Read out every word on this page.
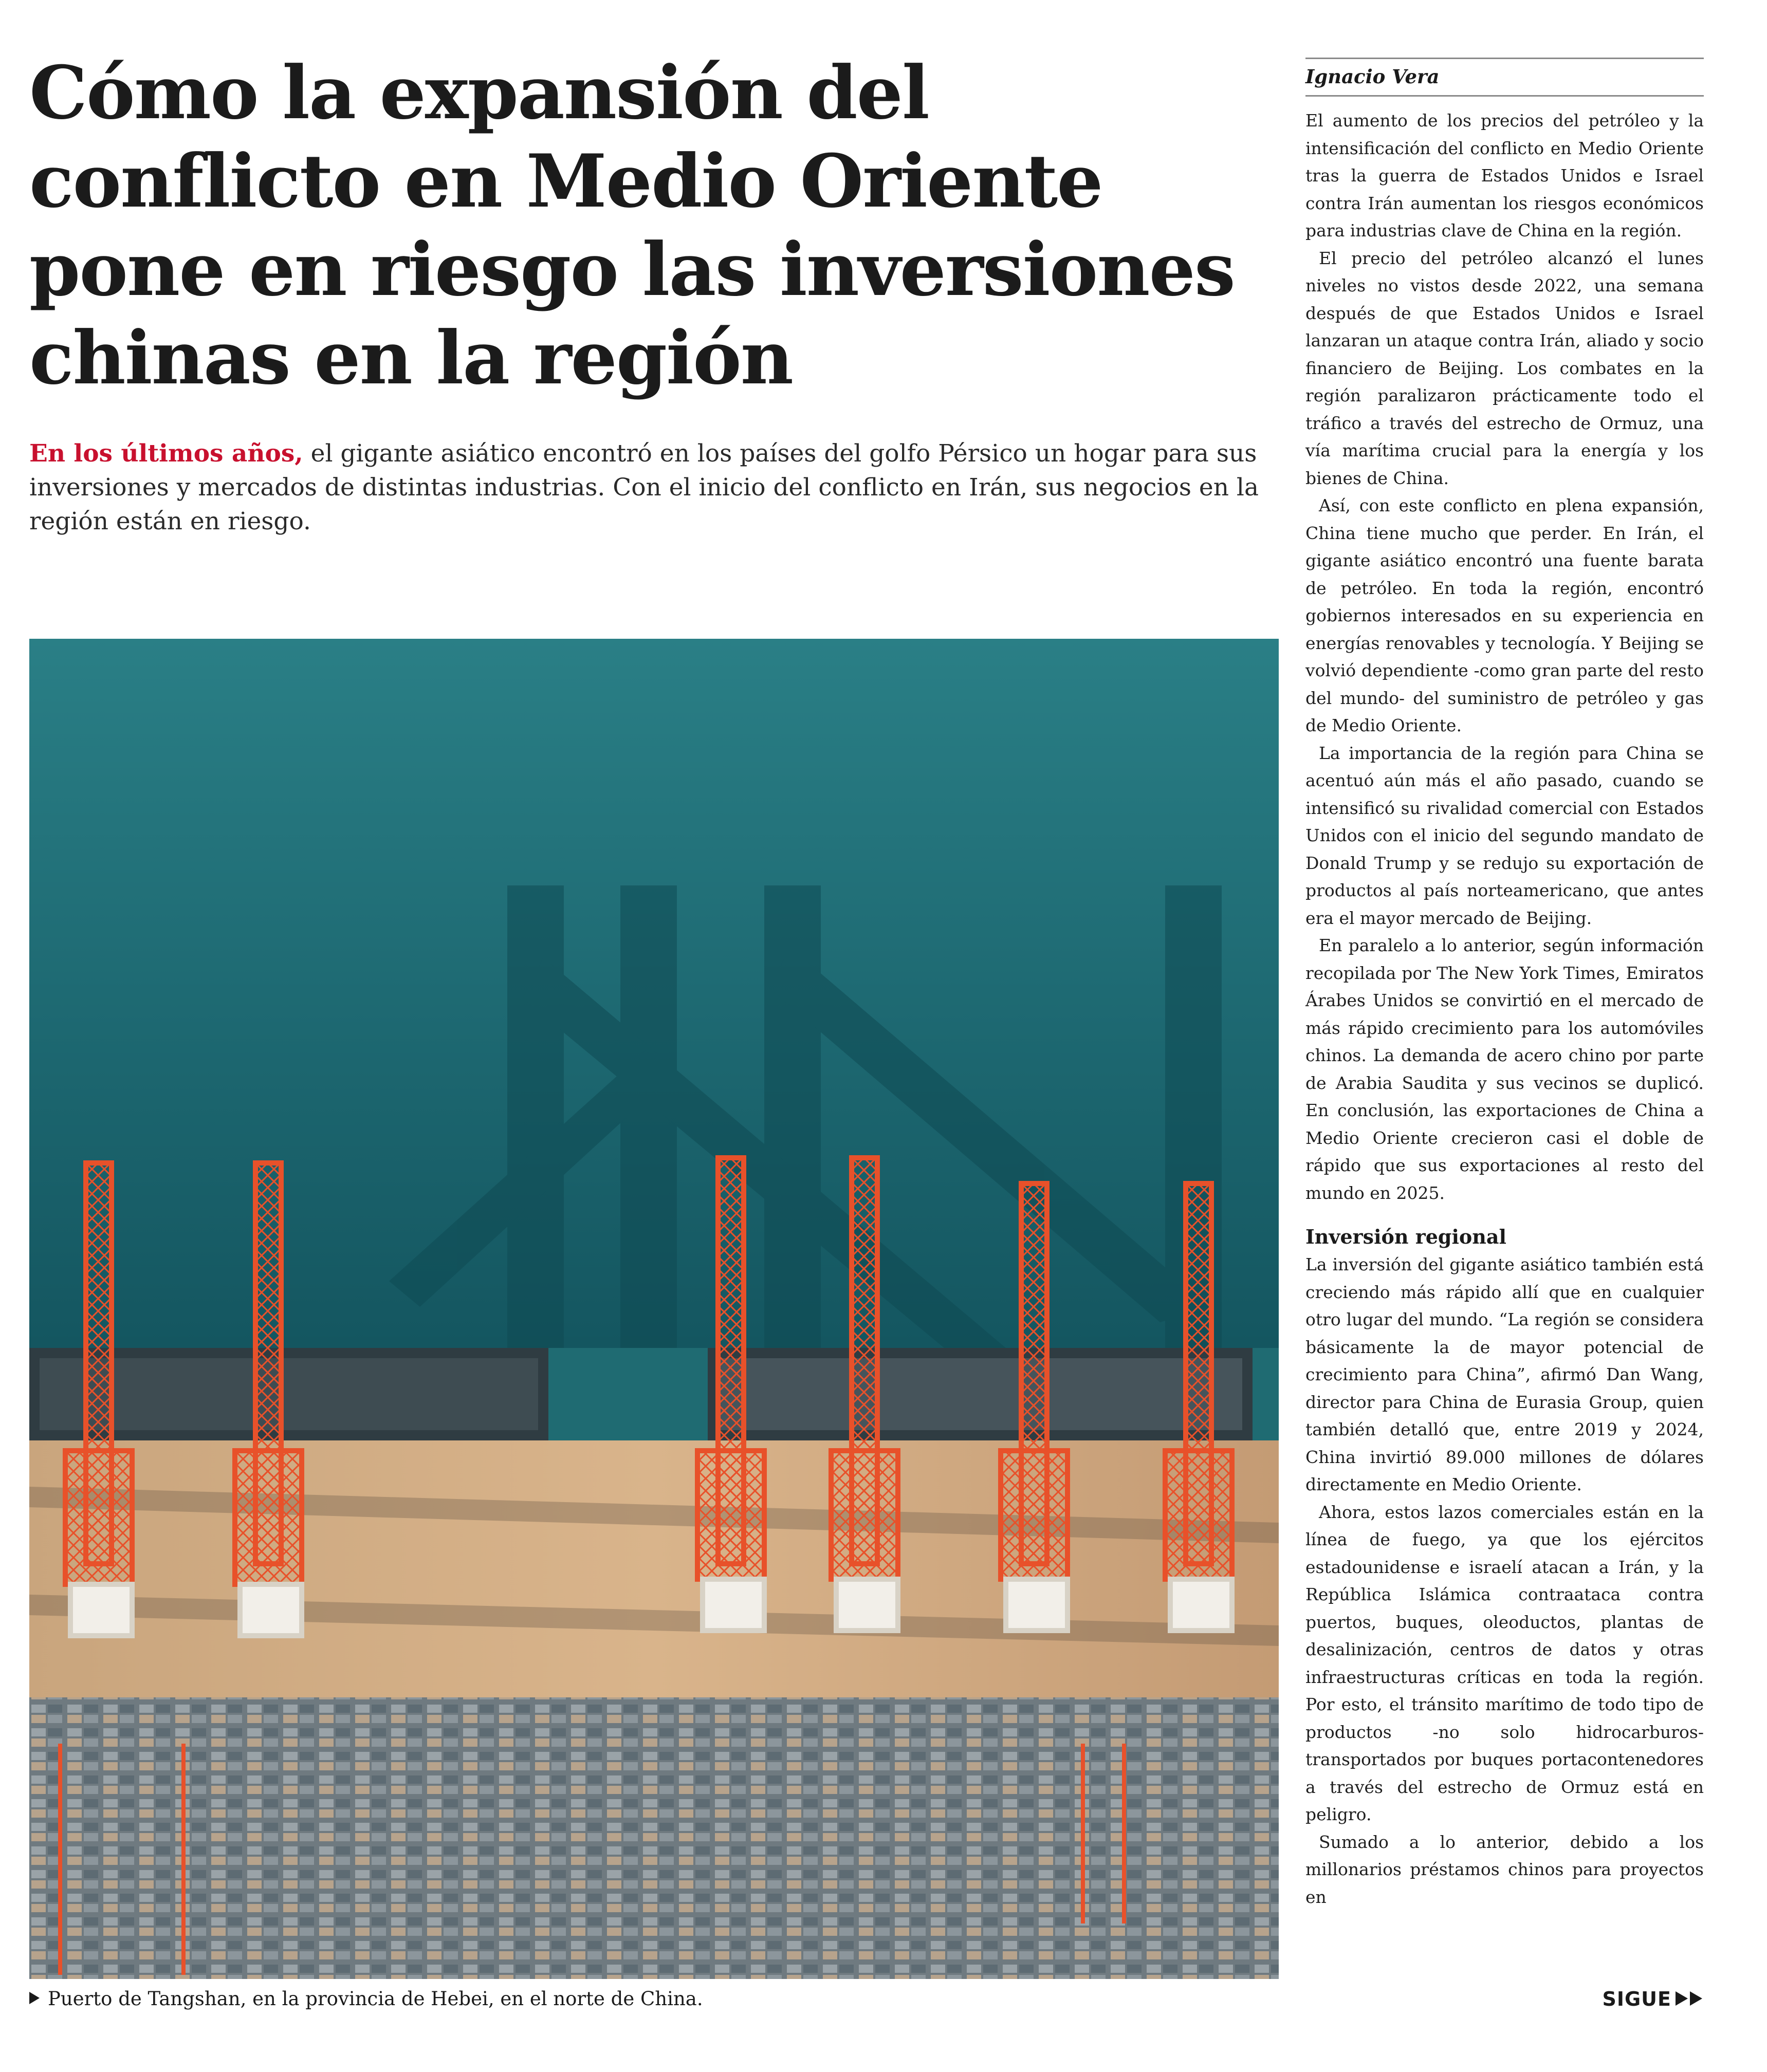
Cómo la expansión del conflicto en Medio Oriente pone en riesgo las inversiones chinas en la región

En los últimos años, el gigante asiático encontró en los países del golfo Pérsico un hogar para sus inversiones y mercados de distintas industrias. Con el inicio del conflicto en Irán, sus negocios en la región están en riesgo.

Puerto de Tangshan, en la provincia de Hebei, en el norte de China.

Ignacio Vera

El aumento de los precios del petróleo y la intensificación del conflicto en Medio Oriente tras la guerra de Estados Unidos e Israel contra Irán aumentan los riesgos económicos para industrias clave de China en la región.

El precio del petróleo alcanzó el lunes niveles no vistos desde 2022, una semana después de que Estados Unidos e Israel lanzaran un ataque contra Irán, aliado y socio financiero de Beijing. Los combates en la región paralizaron prácticamente todo el tráfico a través del estrecho de Ormuz, una vía marítima crucial para la energía y los bienes de China.

Así, con este conflicto en plena expansión, China tiene mucho que perder. En Irán, el gigante asiático encontró una fuente barata de petróleo. En toda la región, encontró gobiernos interesados en su experiencia en energías renovables y tecnología. Y Beijing se volvió dependiente -como gran parte del resto del mundo- del suministro de petróleo y gas de Medio Oriente.

La importancia de la región para China se acentuó aún más el año pasado, cuando se intensificó su rivalidad comercial con Estados Unidos con el inicio del segundo mandato de Donald Trump y se redujo su exportación de productos al país norteamericano, que antes era el mayor mercado de Beijing.

En paralelo a lo anterior, según información recopilada por The New York Times, Emiratos Árabes Unidos se convirtió en el mercado de más rápido crecimiento para los automóviles chinos. La demanda de acero chino por parte de Arabia Saudita y sus vecinos se duplicó. En conclusión, las exportaciones de China a Medio Oriente crecieron casi el doble de rápido que sus exportaciones al resto del mundo en 2025.

Inversión regional

La inversión del gigante asiático también está creciendo más rápido allí que en cualquier otro lugar del mundo. “La región se considera básicamente la de mayor potencial de crecimiento para China”, afirmó Dan Wang, director para China de Eurasia Group, quien también detalló que, entre 2019 y 2024, China invirtió 89.000 millones de dólares directamente en Medio Oriente.

Ahora, estos lazos comerciales están en la línea de fuego, ya que los ejércitos estadounidense e israelí atacan a Irán, y la República Islámica contraataca contra puertos, buques, oleoductos, plantas de desalinización, centros de datos y otras infraestructuras críticas en toda la región. Por esto, el tránsito marítimo de todo tipo de productos -no solo hidrocarburos- transportados por buques portacontenedores a través del estrecho de Ormuz está en peligro.

Sumado a lo anterior, debido a los millonarios préstamos chinos para proyectos en

SIGUE
